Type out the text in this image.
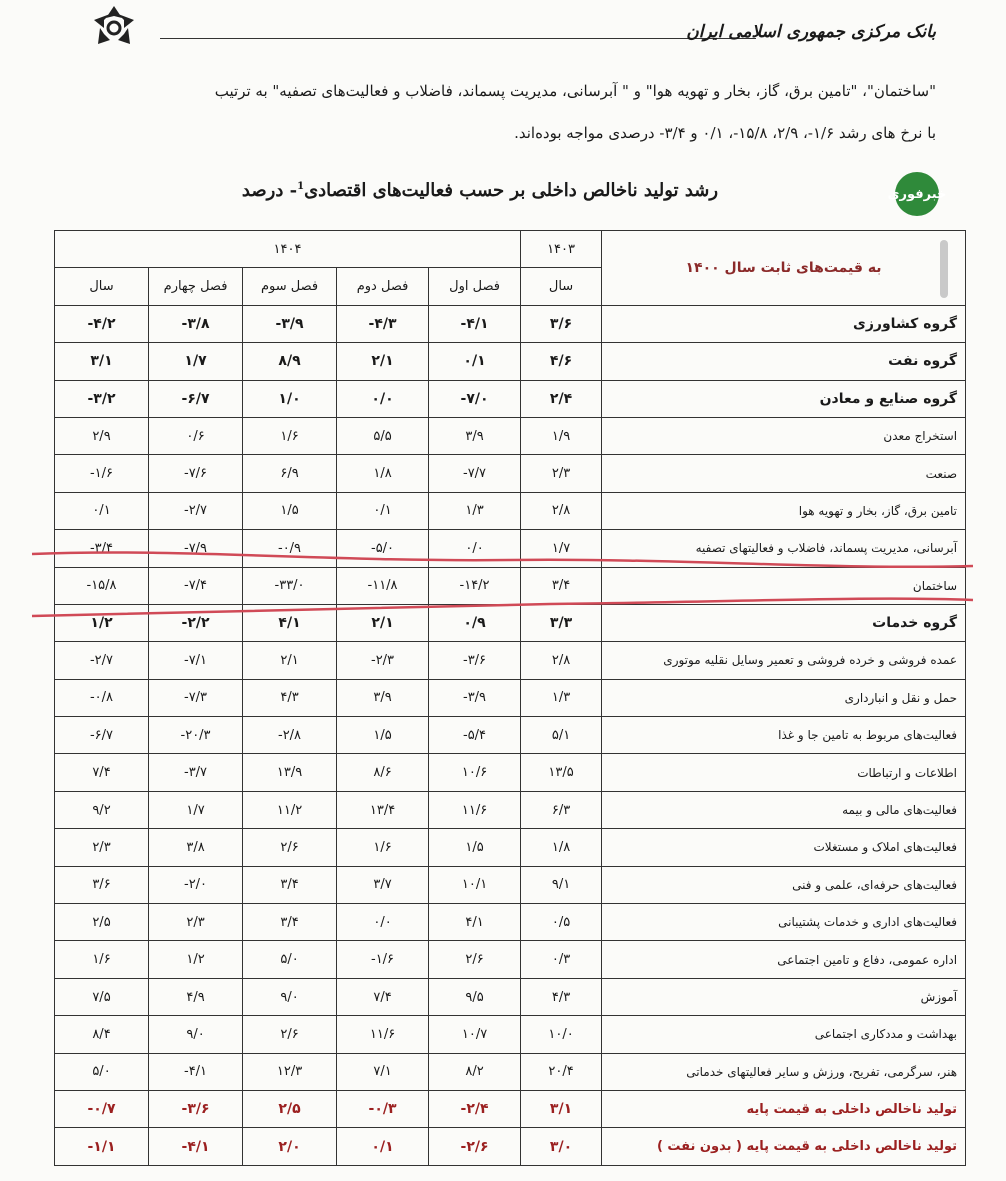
بانک مرکزی جمهوری اسلامی ایران

"ساختمان"، "تامین برق، گاز، بخار و تهویه هوا" و " آبرسانی، مدیریت پسماند، فاضلاب و فعالیت‌های تصفیه" به ترتیب

با نرخ های رشد ۱/۶-، ۲/۹، ۱۵/۸-، ۰/۱ و ۳/۴- درصدی مواجه بوده‌اند.

رشد تولید ناخالص داخلی بر حسب فعالیت‌های اقتصادی$^1$- درصد	خبرفوری
به قیمت‌های ثابت سال ۱۴۰۰	۱۴۰۳	۱۴۰۴				
	سال	فصل اول	فصل دوم	فصل سوم	فصل چهارم	سال
گروه کشاورزی	۳/۶	-۴/۱	-۴/۳	-۳/۹	-۳/۸	-۴/۲
گروه نفت	۴/۶	۰/۱	۲/۱	۸/۹	۱/۷	۳/۱
گروه صنایع و معادن	۲/۴	-۷/۰	۰/۰	۱/۰	-۶/۷	-۳/۲
استخراج معدن	۱/۹	۳/۹	۵/۵	۱/۶	۰/۶	۲/۹
صنعت	۲/۳	-۷/۷	۱/۸	۶/۹	-۷/۶	-۱/۶
تامین برق، گاز، بخار و تهویه هوا	۲/۸	۱/۳	۰/۱	۱/۵	-۲/۷	۰/۱
آبرسانی، مدیریت پسماند، فاضلاب و فعالیتهای تصفیه	۱/۷	۰/۰	-۵/۰	-۰/۹	-۷/۹	-۳/۴
ساختمان	۳/۴	-۱۴/۲	-۱۱/۸	-۳۳/۰	-۷/۴	-۱۵/۸
گروه خدمات	۳/۳	۰/۹	۲/۱	۴/۱	-۲/۲	۱/۲
عمده فروشی و خرده فروشی و تعمیر وسایل نقلیه موتوری	۲/۸	-۳/۶	-۲/۳	۲/۱	-۷/۱	-۲/۷
حمل و نقل و انبارداری	۱/۳	-۳/۹	۳/۹	۴/۳	-۷/۳	-۰/۸
فعالیت‌های مربوط به تامین جا و غذا	۵/۱	-۵/۴	۱/۵	-۲/۸	-۲۰/۳	-۶/۷
اطلاعات و ارتباطات	۱۳/۵	۱۰/۶	۸/۶	۱۳/۹	-۳/۷	۷/۴
فعالیت‌های مالی و بیمه	۶/۳	۱۱/۶	۱۳/۴	۱۱/۲	۱/۷	۹/۲
فعالیت‌های املاک و مستغلات	۱/۸	۱/۵	۱/۶	۲/۶	۳/۸	۲/۳
فعالیت‌های حرفه‌ای، علمی و فنی	۹/۱	۱۰/۱	۳/۷	۳/۴	-۲/۰	۳/۶
فعالیت‌های اداری و خدمات پشتیبانی	۰/۵	۴/۱	۰/۰	۳/۴	۲/۳	۲/۵
اداره عمومی، دفاع و تامین اجتماعی	۰/۳	۲/۶	-۱/۶	۵/۰	۱/۲	۱/۶
آموزش	۴/۳	۹/۵	۷/۴	۹/۰	۴/۹	۷/۵
بهداشت و مددکاری اجتماعی	۱۰/۰	۱۰/۷	۱۱/۶	۲/۶	۹/۰	۸/۴
هنر، سرگرمی، تفریح، ورزش و سایر فعالیتهای خدماتی	۲۰/۴	۸/۲	۷/۱	۱۲/۳	-۴/۱	۵/۰
تولید ناخالص داخلی به قیمت پایه	۳/۱	-۲/۴	-۰/۳	۲/۵	-۳/۶	-۰/۷
تولید ناخالص داخلی به قیمت پایه ( بدون نفت )	۳/۰	-۲/۶	۰/۱	۲/۰	-۴/۱	-۱/۱
